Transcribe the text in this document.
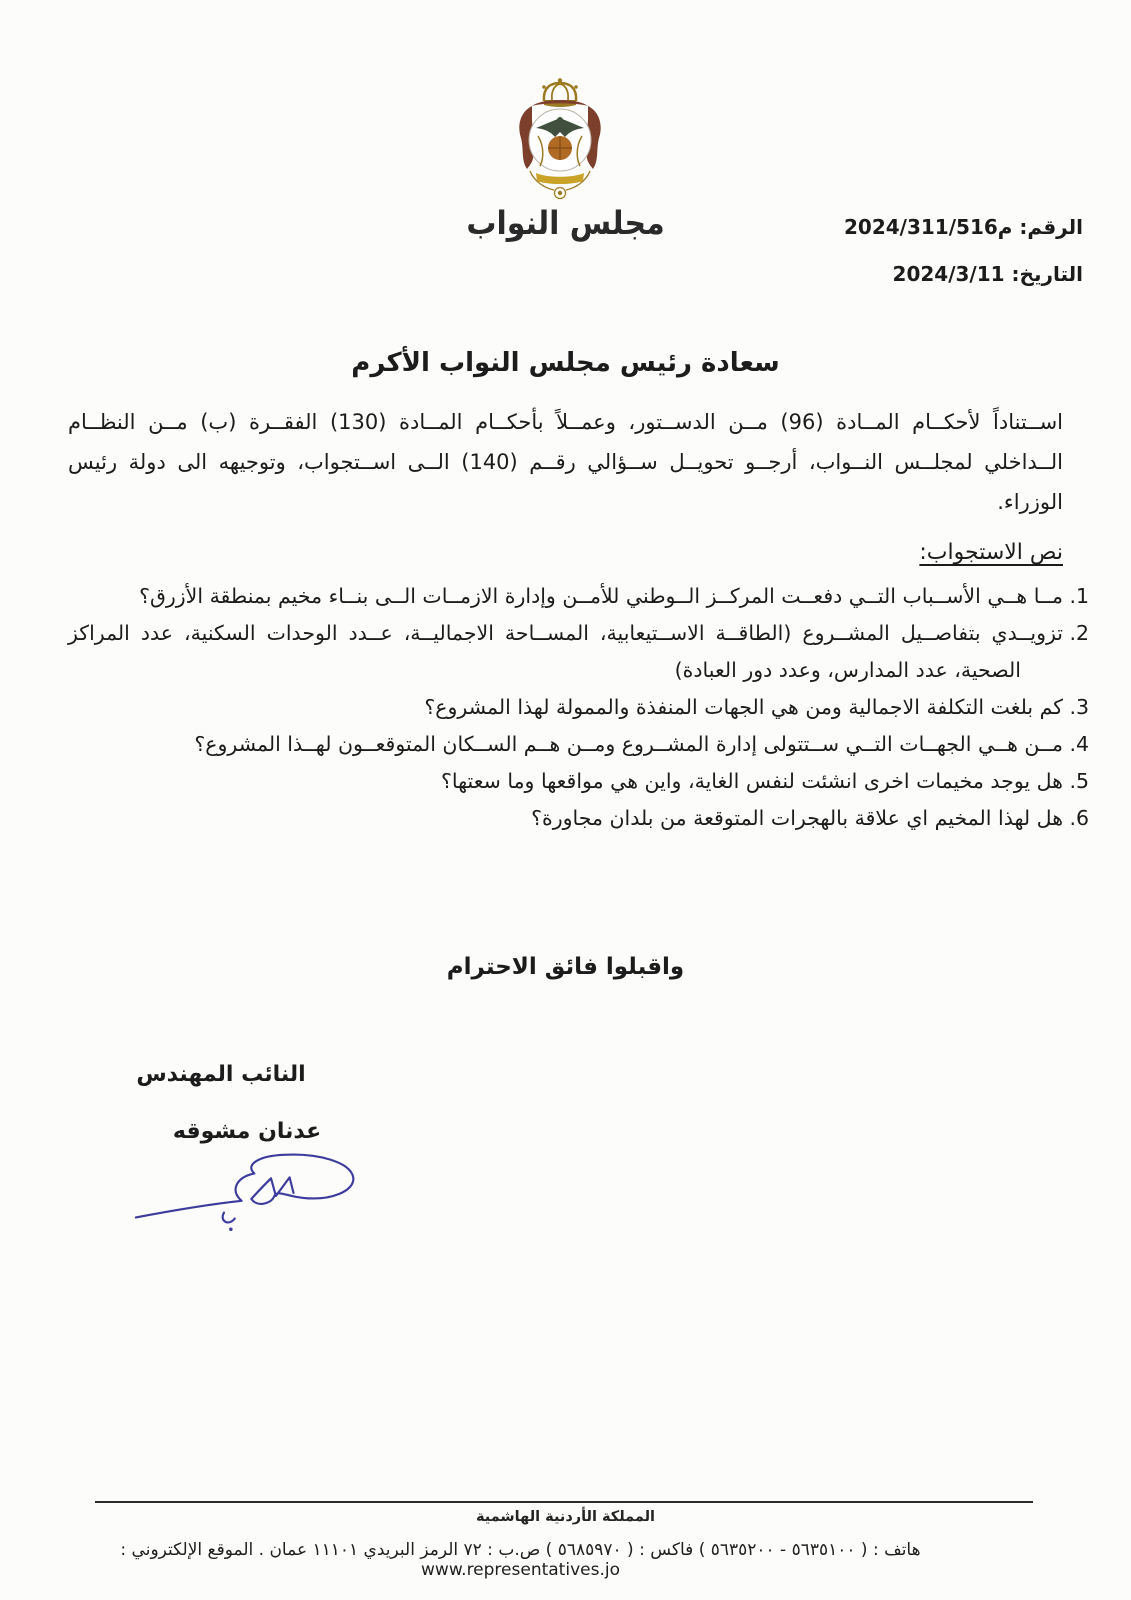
مجلس النواب	الرقم: م2024/311/516
التاريخ: 2024/3/11
سعادة رئيس مجلس النواب الأكرم
اســتناداً لأحكــام المــادة (96) مــن الدســتور، وعمــلاً بأحكــام المــادة (130) الفقــرة (ب) مــن النظــام الــداخلي لمجلــس النــواب، أرجــو تحويــل ســؤالي رقــم (140) الــى اســتجواب، وتوجيهه الى دولة رئيس الوزراء.
نص الاستجواب:
1. مــا هــي الأســباب التــي دفعــت المركــز الــوطني للأمــن وإدارة الازمــات الــى بنــاء مخيم بمنطقة الأزرق؟
2. تزويــدي بتفاصــيل المشــروع (الطاقــة الاســتيعابية، المســاحة الاجماليــة، عــدد الوحدات السكنية، عدد المراكز الصحية، عدد المدارس، وعدد دور العبادة)
3. كم بلغت التكلفة الاجمالية ومن هي الجهات المنفذة والممولة لهذا المشروع؟
4. مــن هــي الجهــات التــي ســتتولى إدارة المشــروع ومــن هــم الســكان المتوقعــون لهــذا المشروع؟
5. هل يوجد مخيمات اخرى انشئت لنفس الغاية، واين هي مواقعها وما سعتها؟
6. هل لهذا المخيم اي علاقة بالهجرات المتوقعة من بلدان مجاورة؟
واقبلوا فائق الاحترام
النائب المهندس
عدنان مشوقه
المملكة الأردنية الهاشمية
هاتف : ( ٥٦٣٥١٠٠ - ٥٦٣٥٢٠٠ ) فاكس : ( ٥٦٨٥٩٧٠ ) ص.ب : ٧٢ الرمز البريدي ١١١٠١ عمان . الموقع الإلكتروني : www.representatives.jo
